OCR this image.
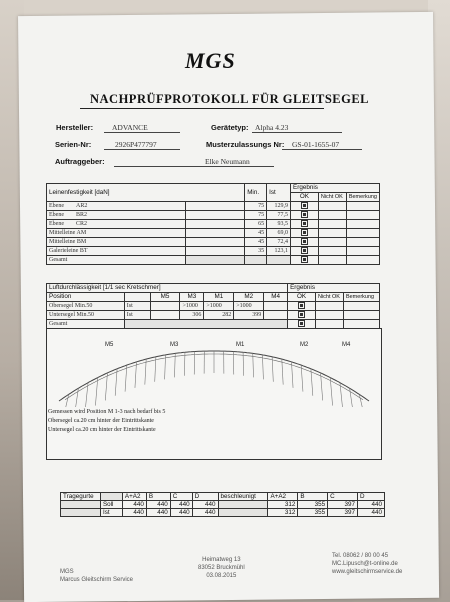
MGS
NACHPRÜFPROTOKOLL FÜR GLEITSEGEL
Hersteller:	ADVANCE	Gerätetyp: Alpha 4.23
Serien-Nr:	2926P477797	Musterzulassungs Nr: GS-01-1655-07
Auftraggeber:	Elke Neumann
Leinenfestigkeit [daN]		Min.	Ist	Ergebnis		
				OK	Nicht OK	Bemerkung
Ebene AR2		75	129,9			
Ebene BR2		75	77,5			
Ebene CR2		65	93,5			
Mittelleine AM		45	69,0			
Mittelleine BM		45	72,4			
Galerieleine BT		35	123,1			
Gesamt						
Luftdurchlässigkeit [1/1 sec Kretschmer]							Ergebnis		
Position		M5	M3	M1	M2	M4	OK	Nicht OK	Bemerkung
Obersegel Min.50	Ist		>1000	>1000	>1000				
Untersegel Min.50	Ist		306	282	399				
Gesamt									
M5	M3	M1	M2	M4
Gemessen wird Position M 1-3 nach bedarf bis 5
Obersegel ca.20 cm hinter der Eintrittskante
Untersegel ca.20 cm hinter der Eintrittskante
Tragegurte		A+A2	B	C	D	beschleunigt	A+A2	B	C	D
	Soll	440	440	440	440		312	355	397	440
	Ist	440	440	440	440		312	355	397	440
MGS
Marcus Gleitschirm Service
Heimatweg 13
83052 Bruckmühl
03.08.2015
Tel. 08062 / 80 00 45
MC.Lipusch@t-online.de
www.gleitschirmservice.de
